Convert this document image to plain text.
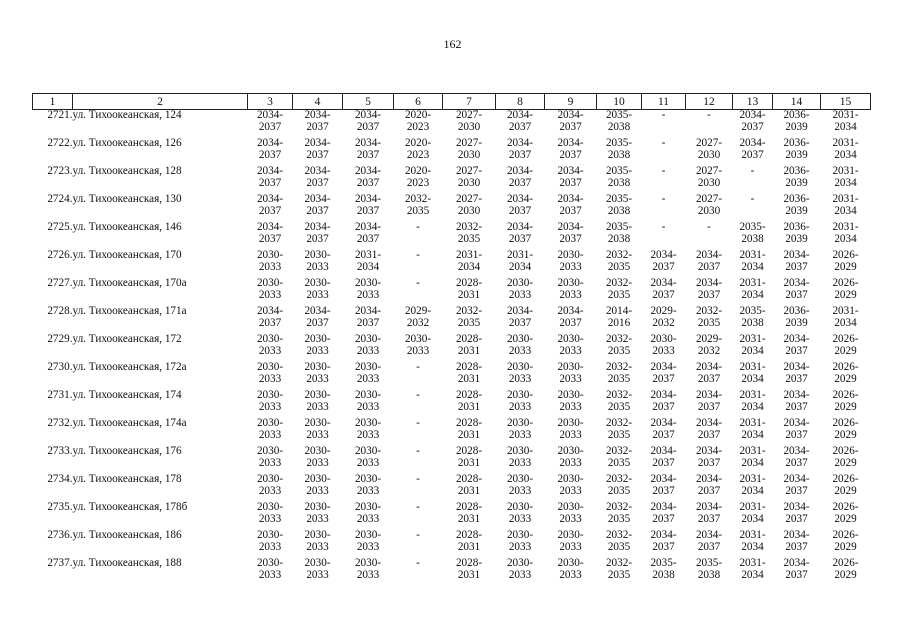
162
1	2	3	4	5	6	7	8	9	10	11	12	13	14	15
2721.	ул. Тихоокеанская, 124	2034-
2037	2034-
2037	2034-
2037	2020-
2023	2027-
2030	2034-
2037	2034-
2037	2035-
2038	-	-	2034-
2037	2036-
2039	2031-
2034
2722.	ул. Тихоокеанская, 126	2034-
2037	2034-
2037	2034-
2037	2020-
2023	2027-
2030	2034-
2037	2034-
2037	2035-
2038	-	2027-
2030	2034-
2037	2036-
2039	2031-
2034
2723.	ул. Тихоокеанская, 128	2034-
2037	2034-
2037	2034-
2037	2020-
2023	2027-
2030	2034-
2037	2034-
2037	2035-
2038	-	2027-
2030	-	2036-
2039	2031-
2034
2724.	ул. Тихоокеанская, 130	2034-
2037	2034-
2037	2034-
2037	2032-
2035	2027-
2030	2034-
2037	2034-
2037	2035-
2038	-	2027-
2030	-	2036-
2039	2031-
2034
2725.	ул. Тихоокеанская, 146	2034-
2037	2034-
2037	2034-
2037	-	2032-
2035	2034-
2037	2034-
2037	2035-
2038	-	-	2035-
2038	2036-
2039	2031-
2034
2726.	ул. Тихоокеанская, 170	2030-
2033	2030-
2033	2031-
2034	-	2031-
2034	2031-
2034	2030-
2033	2032-
2035	2034-
2037	2034-
2037	2031-
2034	2034-
2037	2026-
2029
2727.	ул. Тихоокеанская, 170а	2030-
2033	2030-
2033	2030-
2033	-	2028-
2031	2030-
2033	2030-
2033	2032-
2035	2034-
2037	2034-
2037	2031-
2034	2034-
2037	2026-
2029
2728.	ул. Тихоокеанская, 171а	2034-
2037	2034-
2037	2034-
2037	2029-
2032	2032-
2035	2034-
2037	2034-
2037	2014-
2016	2029-
2032	2032-
2035	2035-
2038	2036-
2039	2031-
2034
2729.	ул. Тихоокеанская, 172	2030-
2033	2030-
2033	2030-
2033	2030-
2033	2028-
2031	2030-
2033	2030-
2033	2032-
2035	2030-
2033	2029-
2032	2031-
2034	2034-
2037	2026-
2029
2730.	ул. Тихоокеанская, 172а	2030-
2033	2030-
2033	2030-
2033	-	2028-
2031	2030-
2033	2030-
2033	2032-
2035	2034-
2037	2034-
2037	2031-
2034	2034-
2037	2026-
2029
2731.	ул. Тихоокеанская, 174	2030-
2033	2030-
2033	2030-
2033	-	2028-
2031	2030-
2033	2030-
2033	2032-
2035	2034-
2037	2034-
2037	2031-
2034	2034-
2037	2026-
2029
2732.	ул. Тихоокеанская, 174а	2030-
2033	2030-
2033	2030-
2033	-	2028-
2031	2030-
2033	2030-
2033	2032-
2035	2034-
2037	2034-
2037	2031-
2034	2034-
2037	2026-
2029
2733.	ул. Тихоокеанская, 176	2030-
2033	2030-
2033	2030-
2033	-	2028-
2031	2030-
2033	2030-
2033	2032-
2035	2034-
2037	2034-
2037	2031-
2034	2034-
2037	2026-
2029
2734.	ул. Тихоокеанская, 178	2030-
2033	2030-
2033	2030-
2033	-	2028-
2031	2030-
2033	2030-
2033	2032-
2035	2034-
2037	2034-
2037	2031-
2034	2034-
2037	2026-
2029
2735.	ул. Тихоокеанская, 178б	2030-
2033	2030-
2033	2030-
2033	-	2028-
2031	2030-
2033	2030-
2033	2032-
2035	2034-
2037	2034-
2037	2031-
2034	2034-
2037	2026-
2029
2736.	ул. Тихоокеанская, 186	2030-
2033	2030-
2033	2030-
2033	-	2028-
2031	2030-
2033	2030-
2033	2032-
2035	2034-
2037	2034-
2037	2031-
2034	2034-
2037	2026-
2029
2737.	ул. Тихоокеанская, 188	2030-
2033	2030-
2033	2030-
2033	-	2028-
2031	2030-
2033	2030-
2033	2032-
2035	2035-
2038	2035-
2038	2031-
2034	2034-
2037	2026-
2029
